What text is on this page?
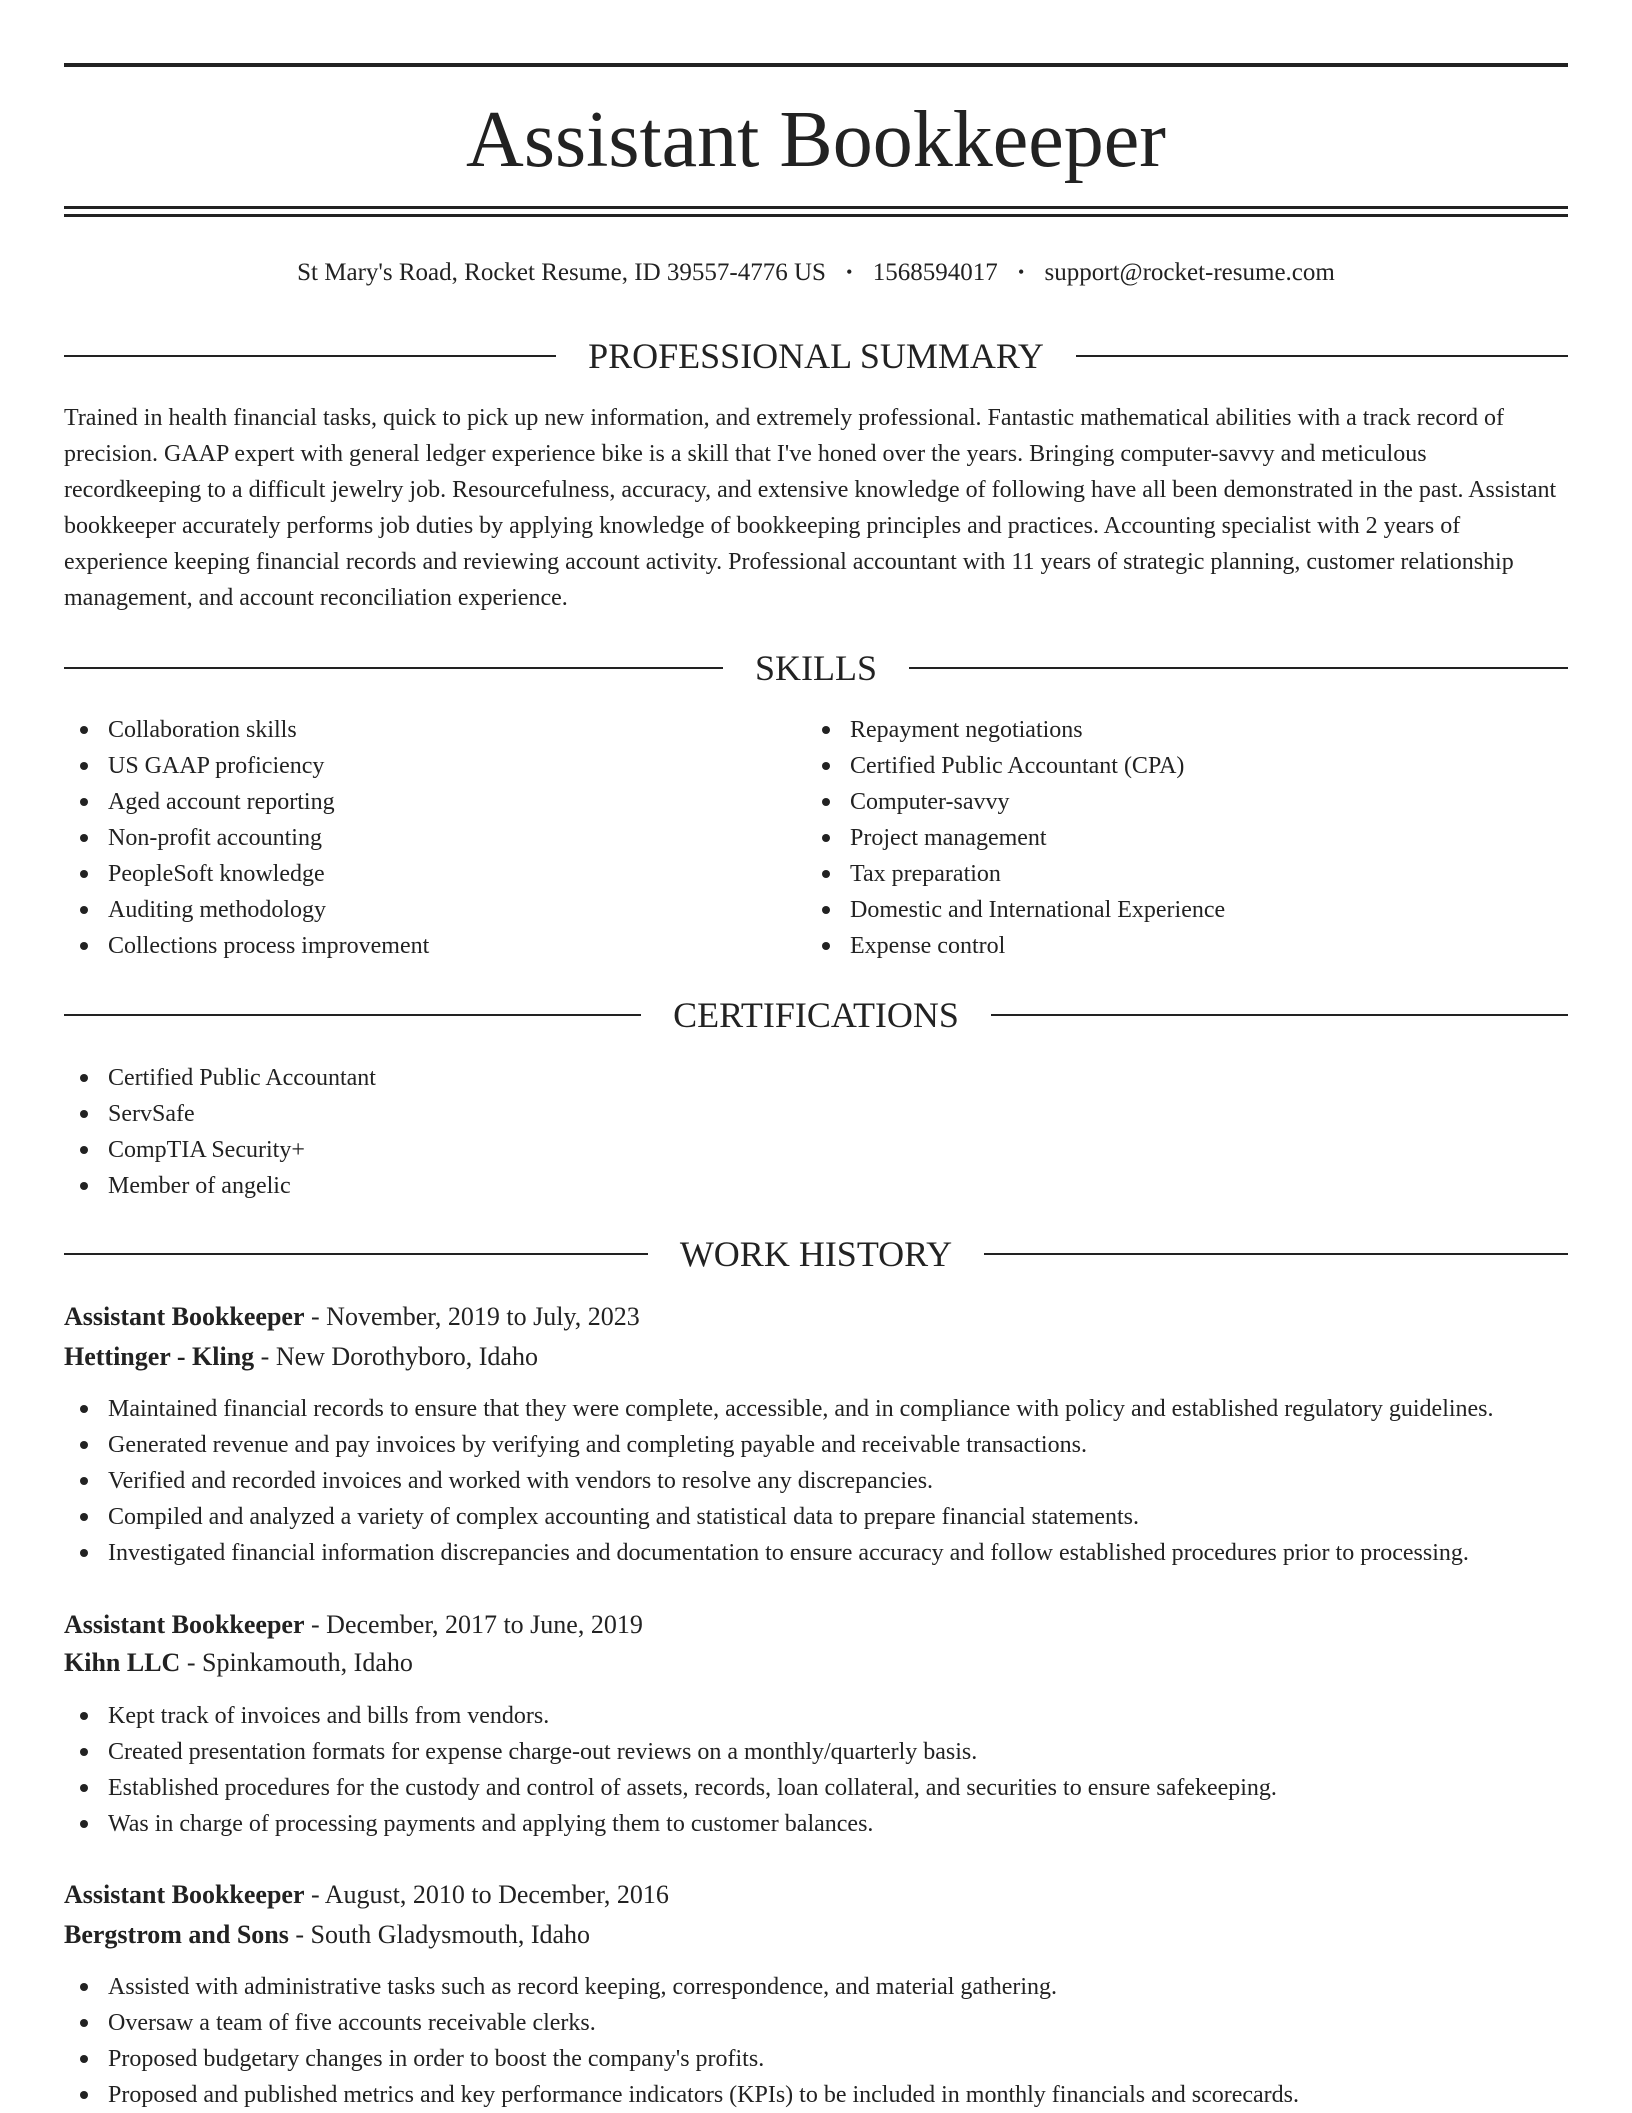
Assistant Bookkeeper
St Mary's Road, Rocket Resume, ID 39557-4776 US • 1568594017 • support@rocket-resume.com
PROFESSIONAL SUMMARY

Trained in health financial tasks, quick to pick up new information, and extremely professional. Fantastic mathematical abilities with a track record of precision. GAAP expert with general ledger experience bike is a skill that I've honed over the years. Bringing computer-savvy and meticulous recordkeeping to a difficult jewelry job. Resourcefulness, accuracy, and extensive knowledge of following have all been demonstrated in the past. Assistant bookkeeper accurately performs job duties by applying knowledge of bookkeeping principles and practices. Accounting specialist with 2 years of experience keeping financial records and reviewing account activity. Professional accountant with 11 years of strategic planning, customer relationship management, and account reconciliation experience.

SKILLS
Collaboration skills
US GAAP proficiency
Aged account reporting
Non-profit accounting
PeopleSoft knowledge
Auditing methodology
Collections process improvement
Repayment negotiations
Certified Public Accountant (CPA)
Computer-savvy
Project management
Tax preparation
Domestic and International Experience
Expense control
CERTIFICATIONS
Certified Public Accountant
ServSafe
CompTIA Security+
Member of angelic
WORK HISTORY
Assistant Bookkeeper - November, 2019 to July, 2023
Hettinger - Kling - New Dorothyboro, Idaho
Maintained financial records to ensure that they were complete, accessible, and in compliance with policy and established regulatory guidelines.
Generated revenue and pay invoices by verifying and completing payable and receivable transactions.
Verified and recorded invoices and worked with vendors to resolve any discrepancies.
Compiled and analyzed a variety of complex accounting and statistical data to prepare financial statements.
Investigated financial information discrepancies and documentation to ensure accuracy and follow established procedures prior to processing.
Assistant Bookkeeper - December, 2017 to June, 2019
Kihn LLC - Spinkamouth, Idaho
Kept track of invoices and bills from vendors.
Created presentation formats for expense charge-out reviews on a monthly/quarterly basis.
Established procedures for the custody and control of assets, records, loan collateral, and securities to ensure safekeeping.
Was in charge of processing payments and applying them to customer balances.
Assistant Bookkeeper - August, 2010 to December, 2016
Bergstrom and Sons - South Gladysmouth, Idaho
Assisted with administrative tasks such as record keeping, correspondence, and material gathering.
Oversaw a team of five accounts receivable clerks.
Proposed budgetary changes in order to boost the company's profits.
Proposed and published metrics and key performance indicators (KPIs) to be included in monthly financials and scorecards.
